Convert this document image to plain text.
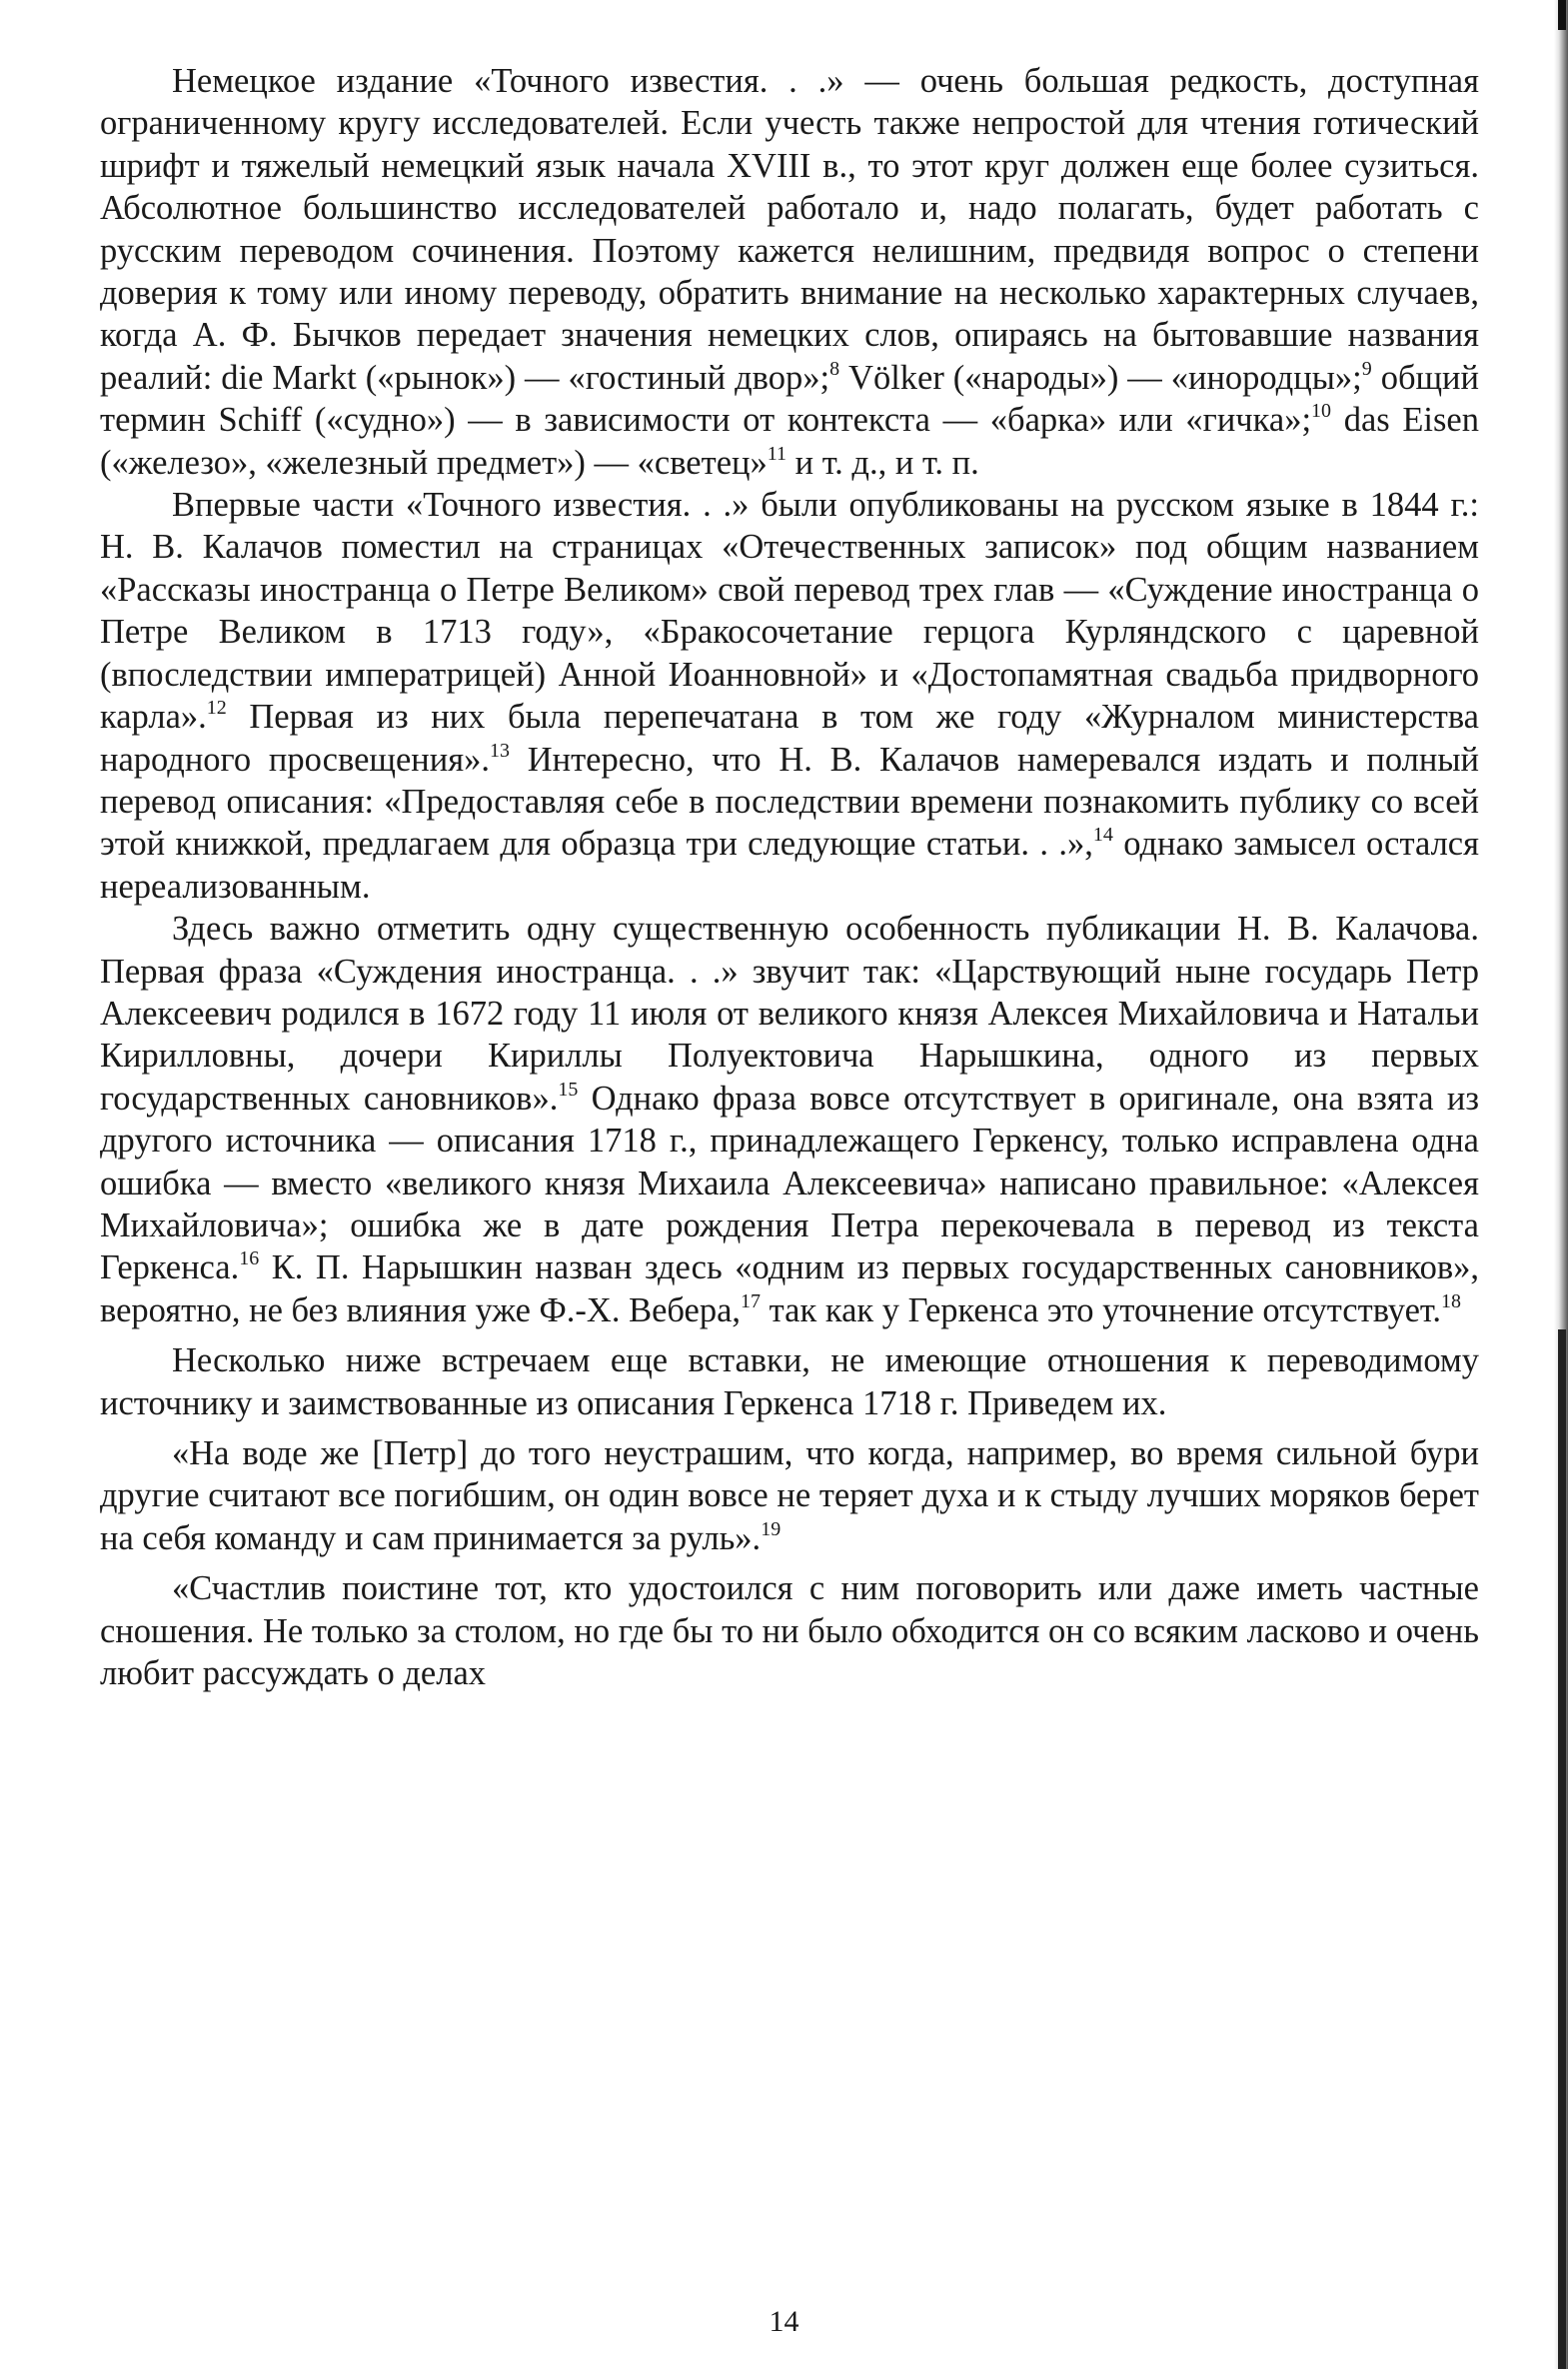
Немецкое издание «Точного известия. . .» — очень большая редкость, доступная ограниченному кругу исследователей. Если учесть также непростой для чтения готический шрифт и тяжелый немецкий язык начала XVIII в., то этот круг должен еще более сузиться. Абсолютное большинство исследователей работало и, надо полагать, будет работать с русским переводом сочинения. Поэтому кажется нелишним, предвидя вопрос о степени доверия к тому или иному переводу, обратить внимание на несколько характерных случаев, когда А. Ф. Бычков передает значения немецких слов, опираясь на бытовавшие названия реалий: die Markt («рынок») — «гостиный двор»;$^8$ Völker («народы») — «инородцы»;$^9$ общий термин Schiff («судно») — в зависимости от контекста — «барка» или «гичка»;$^{10}$ das Eisen («железо», «железный предмет») — «светец»$^{11}$ и т. д., и т. п.

Впервые части «Точного известия. . .» были опубликованы на русском языке в 1844 г.: Н. В. Калачов поместил на страницах «Отечественных записок» под общим названием «Рассказы иностранца о Петре Великом» свой перевод трех глав — «Суждение иностранца о Петре Великом в 1713 году», «Бракосочетание герцога Курляндского с царевной (впоследствии императрицей) Анной Иоанновной» и «Достопамятная свадьба придворного карла».$^{12}$ Первая из них была перепечатана в том же году «Журналом министерства народного просвещения».$^{13}$ Интересно, что Н. В. Калачов намеревался издать и полный перевод описания: «Предоставляя себе в последствии времени познакомить публику со всей этой книжкой, предлагаем для образца три следующие статьи. . .»,$^{14}$ однако замысел остался нереализованным.

Здесь важно отметить одну существенную особенность публикации Н. В. Калачова. Первая фраза «Суждения иностранца. . .» звучит так: «Царствующий ныне государь Петр Алексеевич родился в 1672 году 11 июля от великого князя Алексея Михайловича и Натальи Кирилловны, дочери Кириллы Полуектовича Нарышкина, одного из первых государственных сановников».$^{15}$ Однако фраза вовсе отсутствует в оригинале, она взята из другого источника — описания 1718 г., принадлежащего Геркенсу, только исправлена одна ошибка — вместо «великого князя Михаила Алексеевича» написано правильное: «Алексея Михайловича»; ошибка же в дате рождения Петра перекочевала в перевод из текста Геркенса.$^{16}$ К. П. Нарышкин назван здесь «одним из первых государственных сановников», вероятно, не без влияния уже Ф.-Х. Вебера,$^{17}$ так как у Геркенса это уточнение отсутствует.$^{18}$

Несколько ниже встречаем еще вставки, не имеющие отношения к переводимому источнику и заимствованные из описания Геркенса 1718 г. Приведем их.

«На воде же [Петр] до того неустрашим, что когда, например, во время сильной бури другие считают все погибшим, он один вовсе не теряет духа и к стыду лучших моряков берет на себя команду и сам принимается за руль».$^{19}$

«Счастлив поистине тот, кто удостоился с ним поговорить или даже иметь частные сношения. Не только за столом, но где бы то ни было обходится он со всяким ласково и очень любит рассуждать о делах

14
